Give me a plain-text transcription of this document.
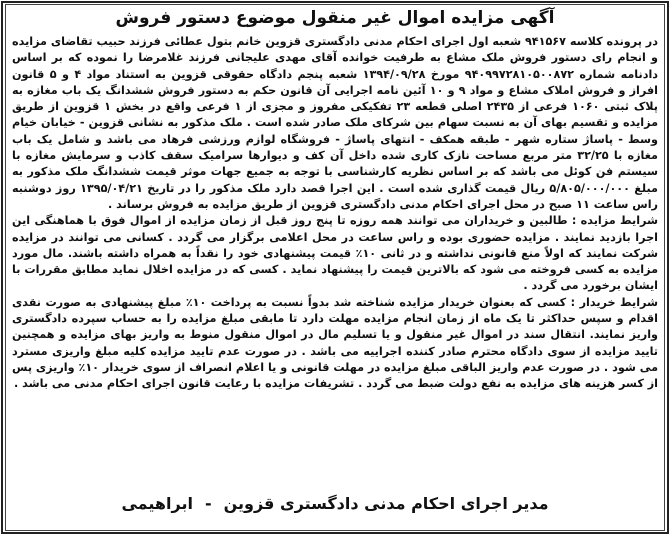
آگهی مزایده اموال غیر منقول موضوع دستور فروش

در پرونده کلاسه ۹۴۱۵۶۷ شعبه اول اجرای احکام مدنی دادگستری قزوین خانم بتول عطائی فرزند حبیب تقاضای مزایده و انجام رای دستور فروش ملک مشاع به طرفیت خوانده آقای مهدی علیجانی فرزند غلامرضا را نموده که بر اساس دادنامه شماره ۹۴۰۹۹۷۲۸۱۰۵۰۰۸۷۲ مورخ ۱۳۹۴/۰۹/۲۸ شعبه پنجم دادگاه حقوقی قزوین به استناد مواد ۴ و ۵ قانون افراز و فروش املاک مشاع و مواد ۹ و ۱۰ آئین نامه اجرایی آن قانون حکم به دستور فروش ششدانگ یک باب مغازه به پلاک ثبتی ۱۰۶۰ فرعی از ۲۴۳۵ اصلی قطعه ۲۳ تفکیکی مفروز و مجزی از ۱ فرعی واقع در بخش ۱ قزوین از طریق مزایده و تقسیم بهای آن به نسبت سهام بین شرکای ملک صادر شده است . ملک مذکور به نشانی قزوین - خیابان خیام وسط - پاساژ ستاره شهر - طبقه همکف - انتهای پاساژ - فروشگاه لوازم ورزشی فرهاد می باشد و شامل یک باب مغازه با ۳۲/۲۵ متر مربع مساحت نازک کاری شده داخل آن کف و دیوارها سرامیک سقف کاذب و سرمایش مغازه با سیستم فن کوئل می باشد که بر اساس نظریه کارشناسی با توجه به جمیع جهات موثر قیمت ششدانگ ملک مذکور به مبلغ ۵/۸۰۵/۰۰۰/۰۰۰ ریال قیمت گذاری شده است . این اجرا قصد دارد ملک مذکور را در تاریخ ۱۳۹۵/۰۴/۲۱ روز دوشنبه راس ساعت ۱۱ صبح در محل اجرای احکام مدنی دادگستری قزوین از طریق مزایده به فروش برساند .

شرایط مزایده : طالبین و خریداران می توانند همه روزه تا پنج روز قبل از زمان مزایده از اموال فوق با هماهنگی این اجرا بازدید نمایند . مزایده حضوری بوده و راس ساعت در محل اعلامی برگزار می گردد . کسانی می توانند در مزایده شرکت نمایند که اولاً منع قانونی نداشته و در ثانی ۱۰٪ قیمت پیشنهادی خود را نقداً به همراه داشته باشند. مال مورد مزایده به کسی فروخته می شود که بالاترین قیمت را پیشنهاد نماید . کسی که در مزایده اخلال نماید مطابق مقررات با ایشان برخورد می گردد .

شرایط خریدار : کسی که بعنوان خریدار مزایده شناخته شد بدواً نسبت به پرداخت ۱۰٪ مبلغ پیشنهادی به صورت نقدی اقدام و سپس حداکثر تا یک ماه از زمان انجام مزایده مهلت دارد تا مابقی مبلغ مزایده را به حساب سپرده دادگستری واریز نمایند. انتقال سند در اموال غیر منقول و یا تسلیم مال در اموال منقول منوط به واریز بهای مزایده و همچنین تایید مزایده از سوی دادگاه محترم صادر کننده اجراییه می باشد . در صورت عدم تایید مزایده کلیه مبلغ واریزی مسترد می شود . در صورت عدم واریز الباقی مبلغ مزایده در مهلت قانونی و یا اعلام انصراف از سوی خریدار ۱۰٪ واریزی پس از کسر هزینه های مزایده به نفع دولت ضبط می گردد . تشریفات مزایده با رعایت قانون اجرای احکام مدنی می باشد .

مدیر اجرای احکام مدنی دادگستری قزوین-ابراهیمی
